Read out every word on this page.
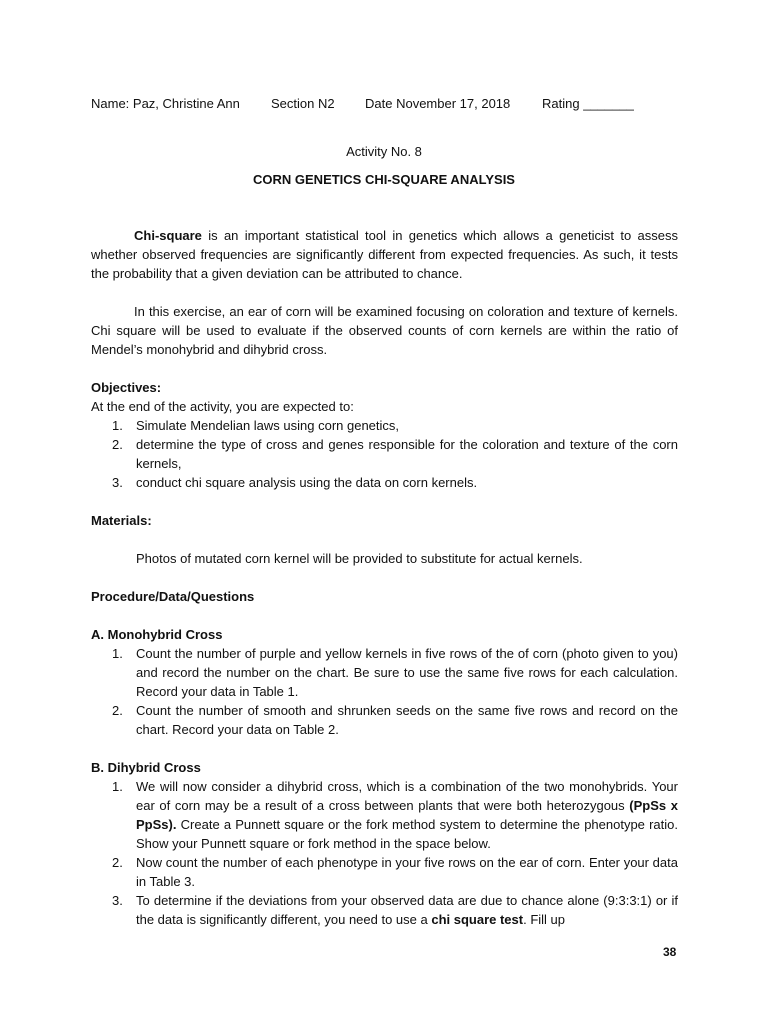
Name: Paz, Christine Ann Section N2 Date November 17, 2018 Rating _______
Activity No. 8
CORN GENETICS CHI-SQUARE ANALYSIS

Chi-square is an important statistical tool in genetics which allows a geneticist to assess whether observed frequencies are significantly different from expected frequencies. As such, it tests the probability that a given deviation can be attributed to chance.

In this exercise, an ear of corn will be examined focusing on coloration and texture of kernels. Chi square will be used to evaluate if the observed counts of corn kernels are within the ratio of Mendel’s monohybrid and dihybrid cross.

Objectives:
At the end of the activity, you are expected to:
1. Simulate Mendelian laws using corn genetics,
2. determine the type of cross and genes responsible for the coloration and texture of the corn kernels,
3. conduct chi square analysis using the data on corn kernels.
Materials:
Photos of mutated corn kernel will be provided to substitute for actual kernels.
Procedure/Data/Questions
A. Monohybrid Cross
1. Count the number of purple and yellow kernels in five rows of the of corn (photo given to you) and record the number on the chart. Be sure to use the same five rows for each calculation. Record your data in Table 1.
2. Count the number of smooth and shrunken seeds on the same five rows and record on the chart. Record your data on Table 2.
B. Dihybrid Cross
1. We will now consider a dihybrid cross, which is a combination of the two monohybrids. Your ear of corn may be a result of a cross between plants that were both heterozygous (PpSs x PpSs). Create a Punnett square or the fork method system to determine the phenotype ratio. Show your Punnett square or fork method in the space below.
2. Now count the number of each phenotype in your five rows on the ear of corn. Enter your data in Table 3.
3. To determine if the deviations from your observed data are due to chance alone (9:3:3:1) or if the data is significantly different, you need to use a chi square test. Fill up
38
